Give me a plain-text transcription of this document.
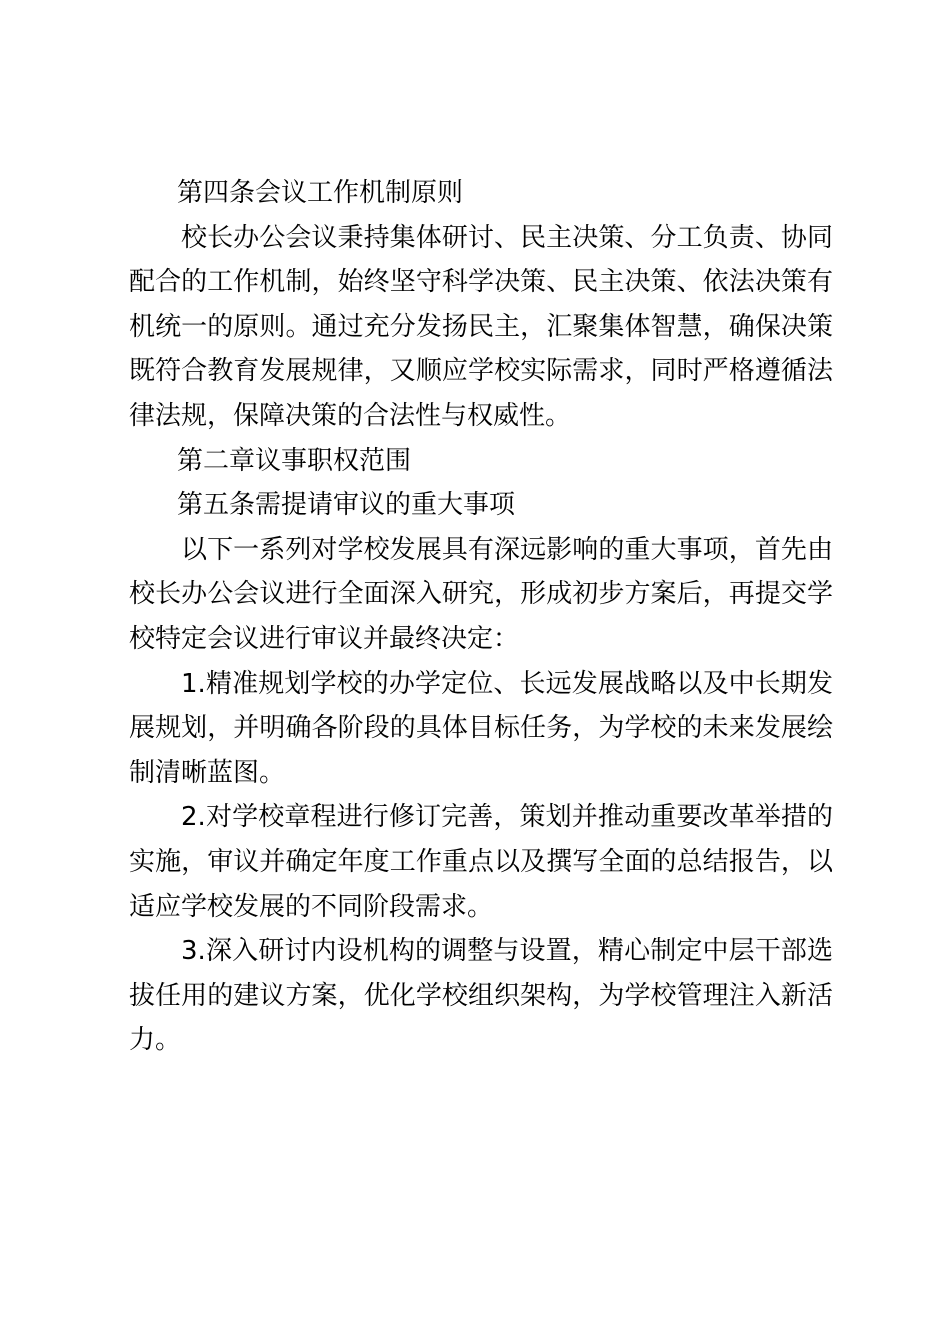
第四条会议工作机制原则

校长办公会议秉持集体研讨、民主决策、分工负责、协同配合的工作机制，始终坚守科学决策、民主决策、依法决策有机统一的原则。通过充分发扬民主，汇聚集体智慧，确保决策既符合教育发展规律，又顺应学校实际需求，同时严格遵循法律法规，保障决策的合法性与权威性。

第二章议事职权范围

第五条需提请审议的重大事项

以下一系列对学校发展具有深远影响的重大事项，首先由校长办公会议进行全面深入研究，形成初步方案后，再提交学校特定会议进行审议并最终决定：

1.精准规划学校的办学定位、长远发展战略以及中长期发展规划，并明确各阶段的具体目标任务，为学校的未来发展绘制清晰蓝图。

2.对学校章程进行修订完善，策划并推动重要改革举措的实施，审议并确定年度工作重点以及撰写全面的总结报告，以适应学校发展的不同阶段需求。

3.深入研讨内设机构的调整与设置，精心制定中层干部选拔任用的建议方案，优化学校组织架构，为学校管理注入新活力。
